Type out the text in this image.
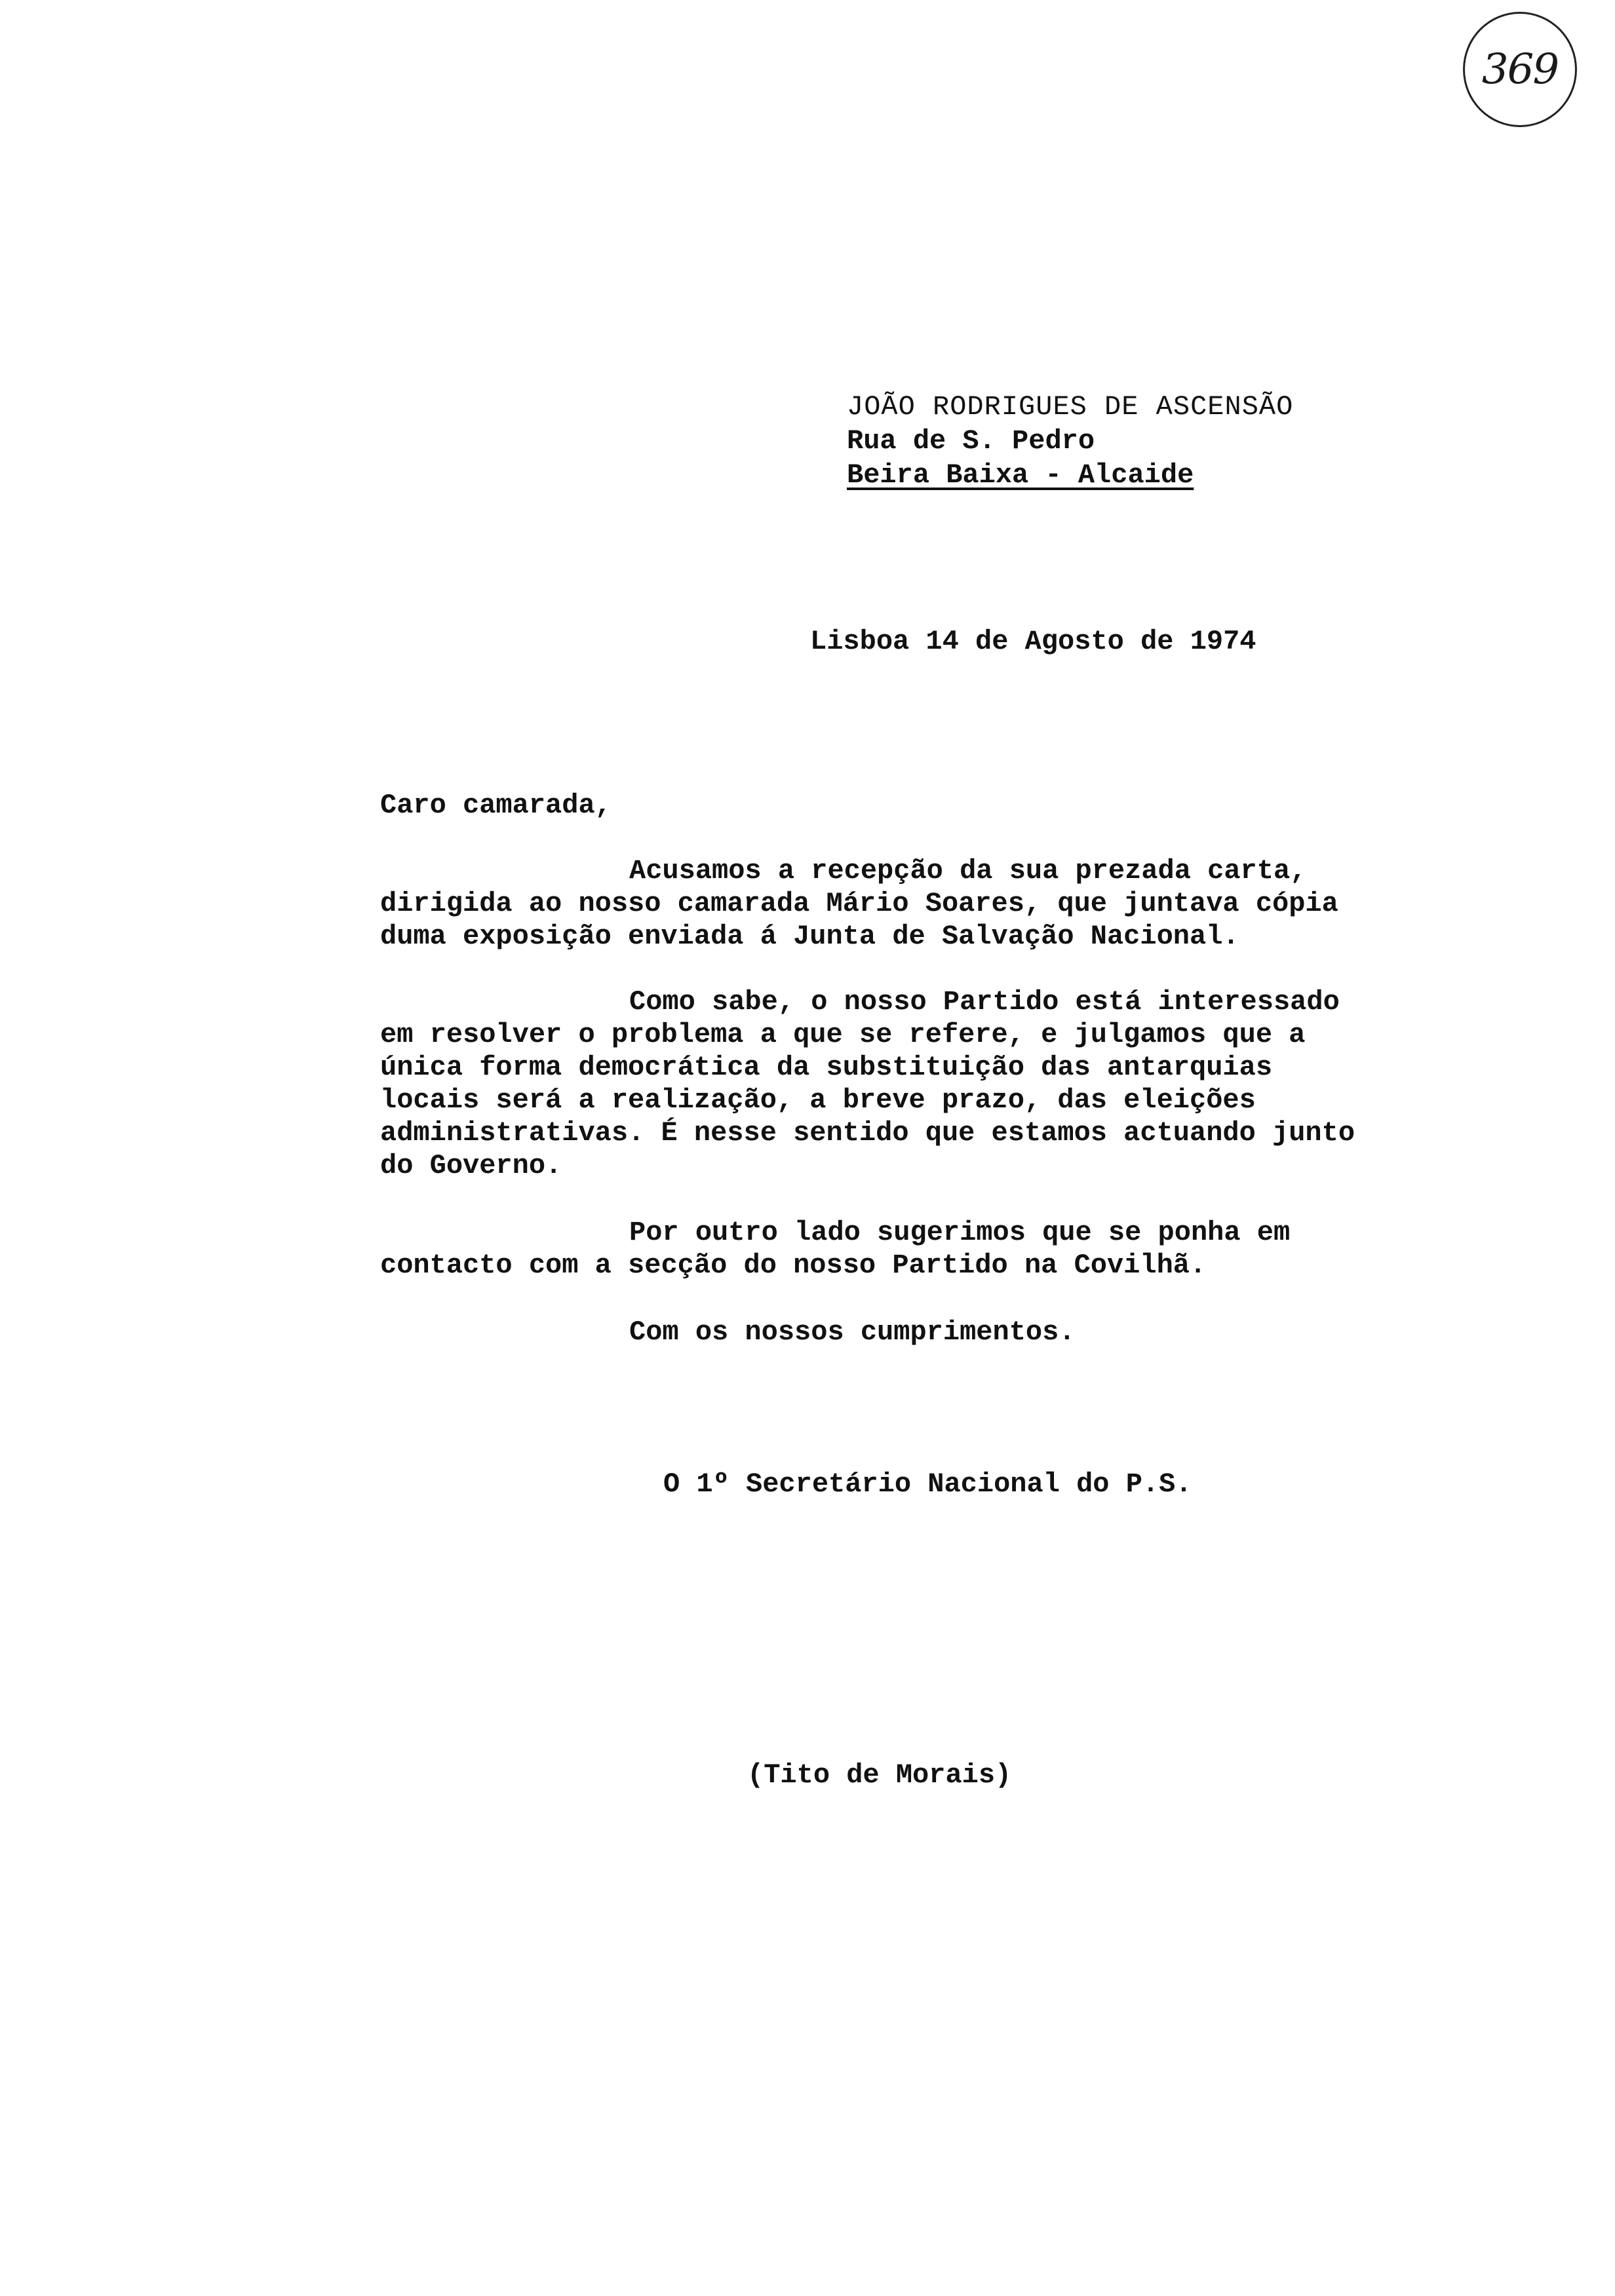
369
JOÃO RODRIGUES DE ASCENSÃO
Rua de S. Pedro
Beira Baixa - Alcaide
Lisboa 14 de Agosto de 1974
Caro camarada,
Acusamos a recepção da sua prezada carta,
dirigida ao nosso camarada Mário Soares, que juntava cópia
duma exposição enviada á Junta de Salvação Nacional.
Como sabe, o nosso Partido está interessado
em resolver o problema a que se refere, e julgamos que a
única forma democrática da substituição das antarquias
locais será a realização, a breve prazo, das eleições
administrativas. É nesse sentido que estamos actuando junto
do Governo.
Por outro lado sugerimos que se ponha em
contacto com a secção do nosso Partido na Covilhã.
Com os nossos cumprimentos.
O 1º Secretário Nacional do P.S.
(Tito de Morais)
